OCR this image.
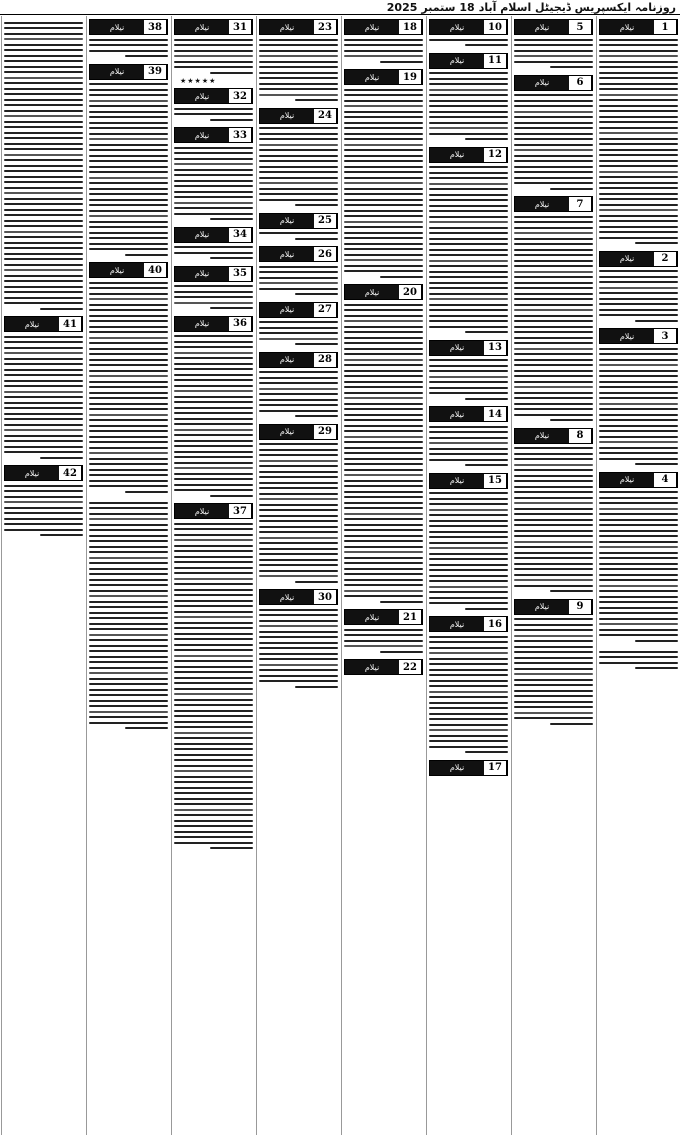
روزنامہ ایکسپریس ڈیجیٹل اسلام آباد
18
ستمبر
2025
1
نیلام
2
نیلام
3
نیلام
4
نیلام
5
نیلام
6
نیلام
7
نیلام
8
نیلام
9
نیلام
10
نیلام
11
نیلام
12
نیلام
13
نیلام
14
نیلام
15
نیلام
16
نیلام
17
نیلام
18
نیلام
19
نیلام
20
نیلام
21
نیلام
22
نیلام
23
نیلام
24
نیلام
25
نیلام
26
نیلام
27
نیلام
28
نیلام
29
نیلام
30
نیلام
31
نیلام
★★★★★
32
نیلام
33
نیلام
34
نیلام
35
نیلام
36
نیلام
37
نیلام
38
نیلام
39
نیلام
40
نیلام
41
نیلام
42
نیلام
